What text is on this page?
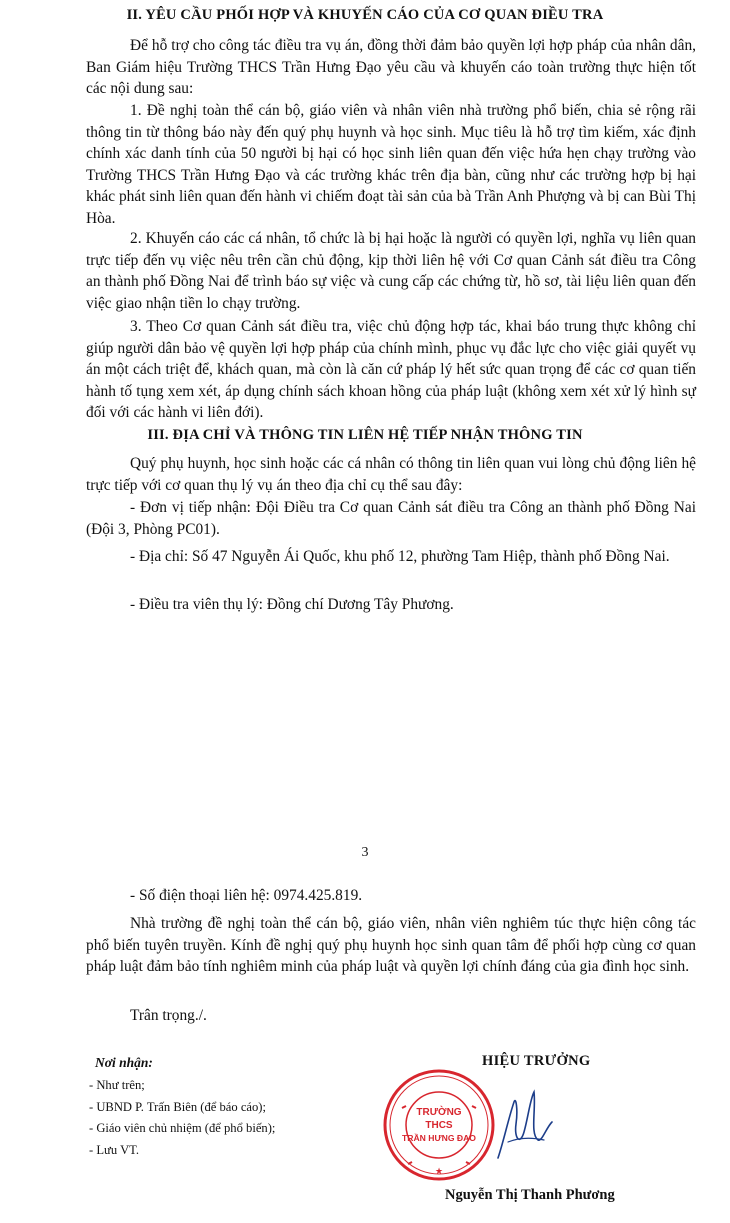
II. YÊU CẦU PHỐI HỢP VÀ KHUYẾN CÁO CỦA CƠ QUAN ĐIỀU TRA

Để hỗ trợ cho công tác điều tra vụ án, đồng thời đảm bảo quyền lợi hợp pháp của nhân dân, Ban Giám hiệu Trường THCS Trần Hưng Đạo yêu cầu và khuyến cáo toàn trường thực hiện tốt các nội dung sau:

1. Đề nghị toàn thể cán bộ, giáo viên và nhân viên nhà trường phổ biến, chia sẻ rộng rãi thông tin từ thông báo này đến quý phụ huynh và học sinh. Mục tiêu là hỗ trợ tìm kiếm, xác định chính xác danh tính của 50 người bị hại có học sinh liên quan đến việc hứa hẹn chạy trường vào Trường THCS Trần Hưng Đạo và các trường khác trên địa bàn, cũng như các trường hợp bị hại khác phát sinh liên quan đến hành vi chiếm đoạt tài sản của bà Trần Anh Phượng và bị can Bùi Thị Hòa.

2. Khuyến cáo các cá nhân, tổ chức là bị hại hoặc là người có quyền lợi, nghĩa vụ liên quan trực tiếp đến vụ việc nêu trên cần chủ động, kịp thời liên hệ với Cơ quan Cảnh sát điều tra Công an thành phố Đồng Nai để trình báo sự việc và cung cấp các chứng từ, hồ sơ, tài liệu liên quan đến việc giao nhận tiền lo chạy trường.

3. Theo Cơ quan Cảnh sát điều tra, việc chủ động hợp tác, khai báo trung thực không chỉ giúp người dân bảo vệ quyền lợi hợp pháp của chính mình, phục vụ đắc lực cho việc giải quyết vụ án một cách triệt để, khách quan, mà còn là căn cứ pháp lý hết sức quan trọng để các cơ quan tiến hành tố tụng xem xét, áp dụng chính sách khoan hồng của pháp luật (không xem xét xử lý hình sự đối với các hành vi liên đới).

III. ĐỊA CHỈ VÀ THÔNG TIN LIÊN HỆ TIẾP NHẬN THÔNG TIN

Quý phụ huynh, học sinh hoặc các cá nhân có thông tin liên quan vui lòng chủ động liên hệ trực tiếp với cơ quan thụ lý vụ án theo địa chỉ cụ thể sau đây:

- Đơn vị tiếp nhận: Đội Điều tra Cơ quan Cảnh sát điều tra Công an thành phố Đồng Nai (Đội 3, Phòng PC01).

- Địa chỉ: Số 47 Nguyễn Ái Quốc, khu phố 12, phường Tam Hiệp, thành phố Đồng Nai.

- Điều tra viên thụ lý: Đồng chí Dương Tây Phương.

3

- Số điện thoại liên hệ: 0974.425.819.

Nhà trường đề nghị toàn thể cán bộ, giáo viên, nhân viên nghiêm túc thực hiện công tác phổ biến tuyên truyền. Kính đề nghị quý phụ huynh học sinh quan tâm để phối hợp cùng cơ quan pháp luật đảm bảo tính nghiêm minh của pháp luật và quyền lợi chính đáng của gia đình học sinh.

Trân trọng./.

Nơi nhận:

- Như trên;
- UBND P. Trấn Biên (để báo cáo);
- Giáo viên chủ nhiệm (để phổ biến);
- Lưu VT.

HIỆU TRƯỞNG

TRƯỜNG
THCS
TRẦN HƯNG ĐẠO
★

Nguyễn Thị Thanh Phương
